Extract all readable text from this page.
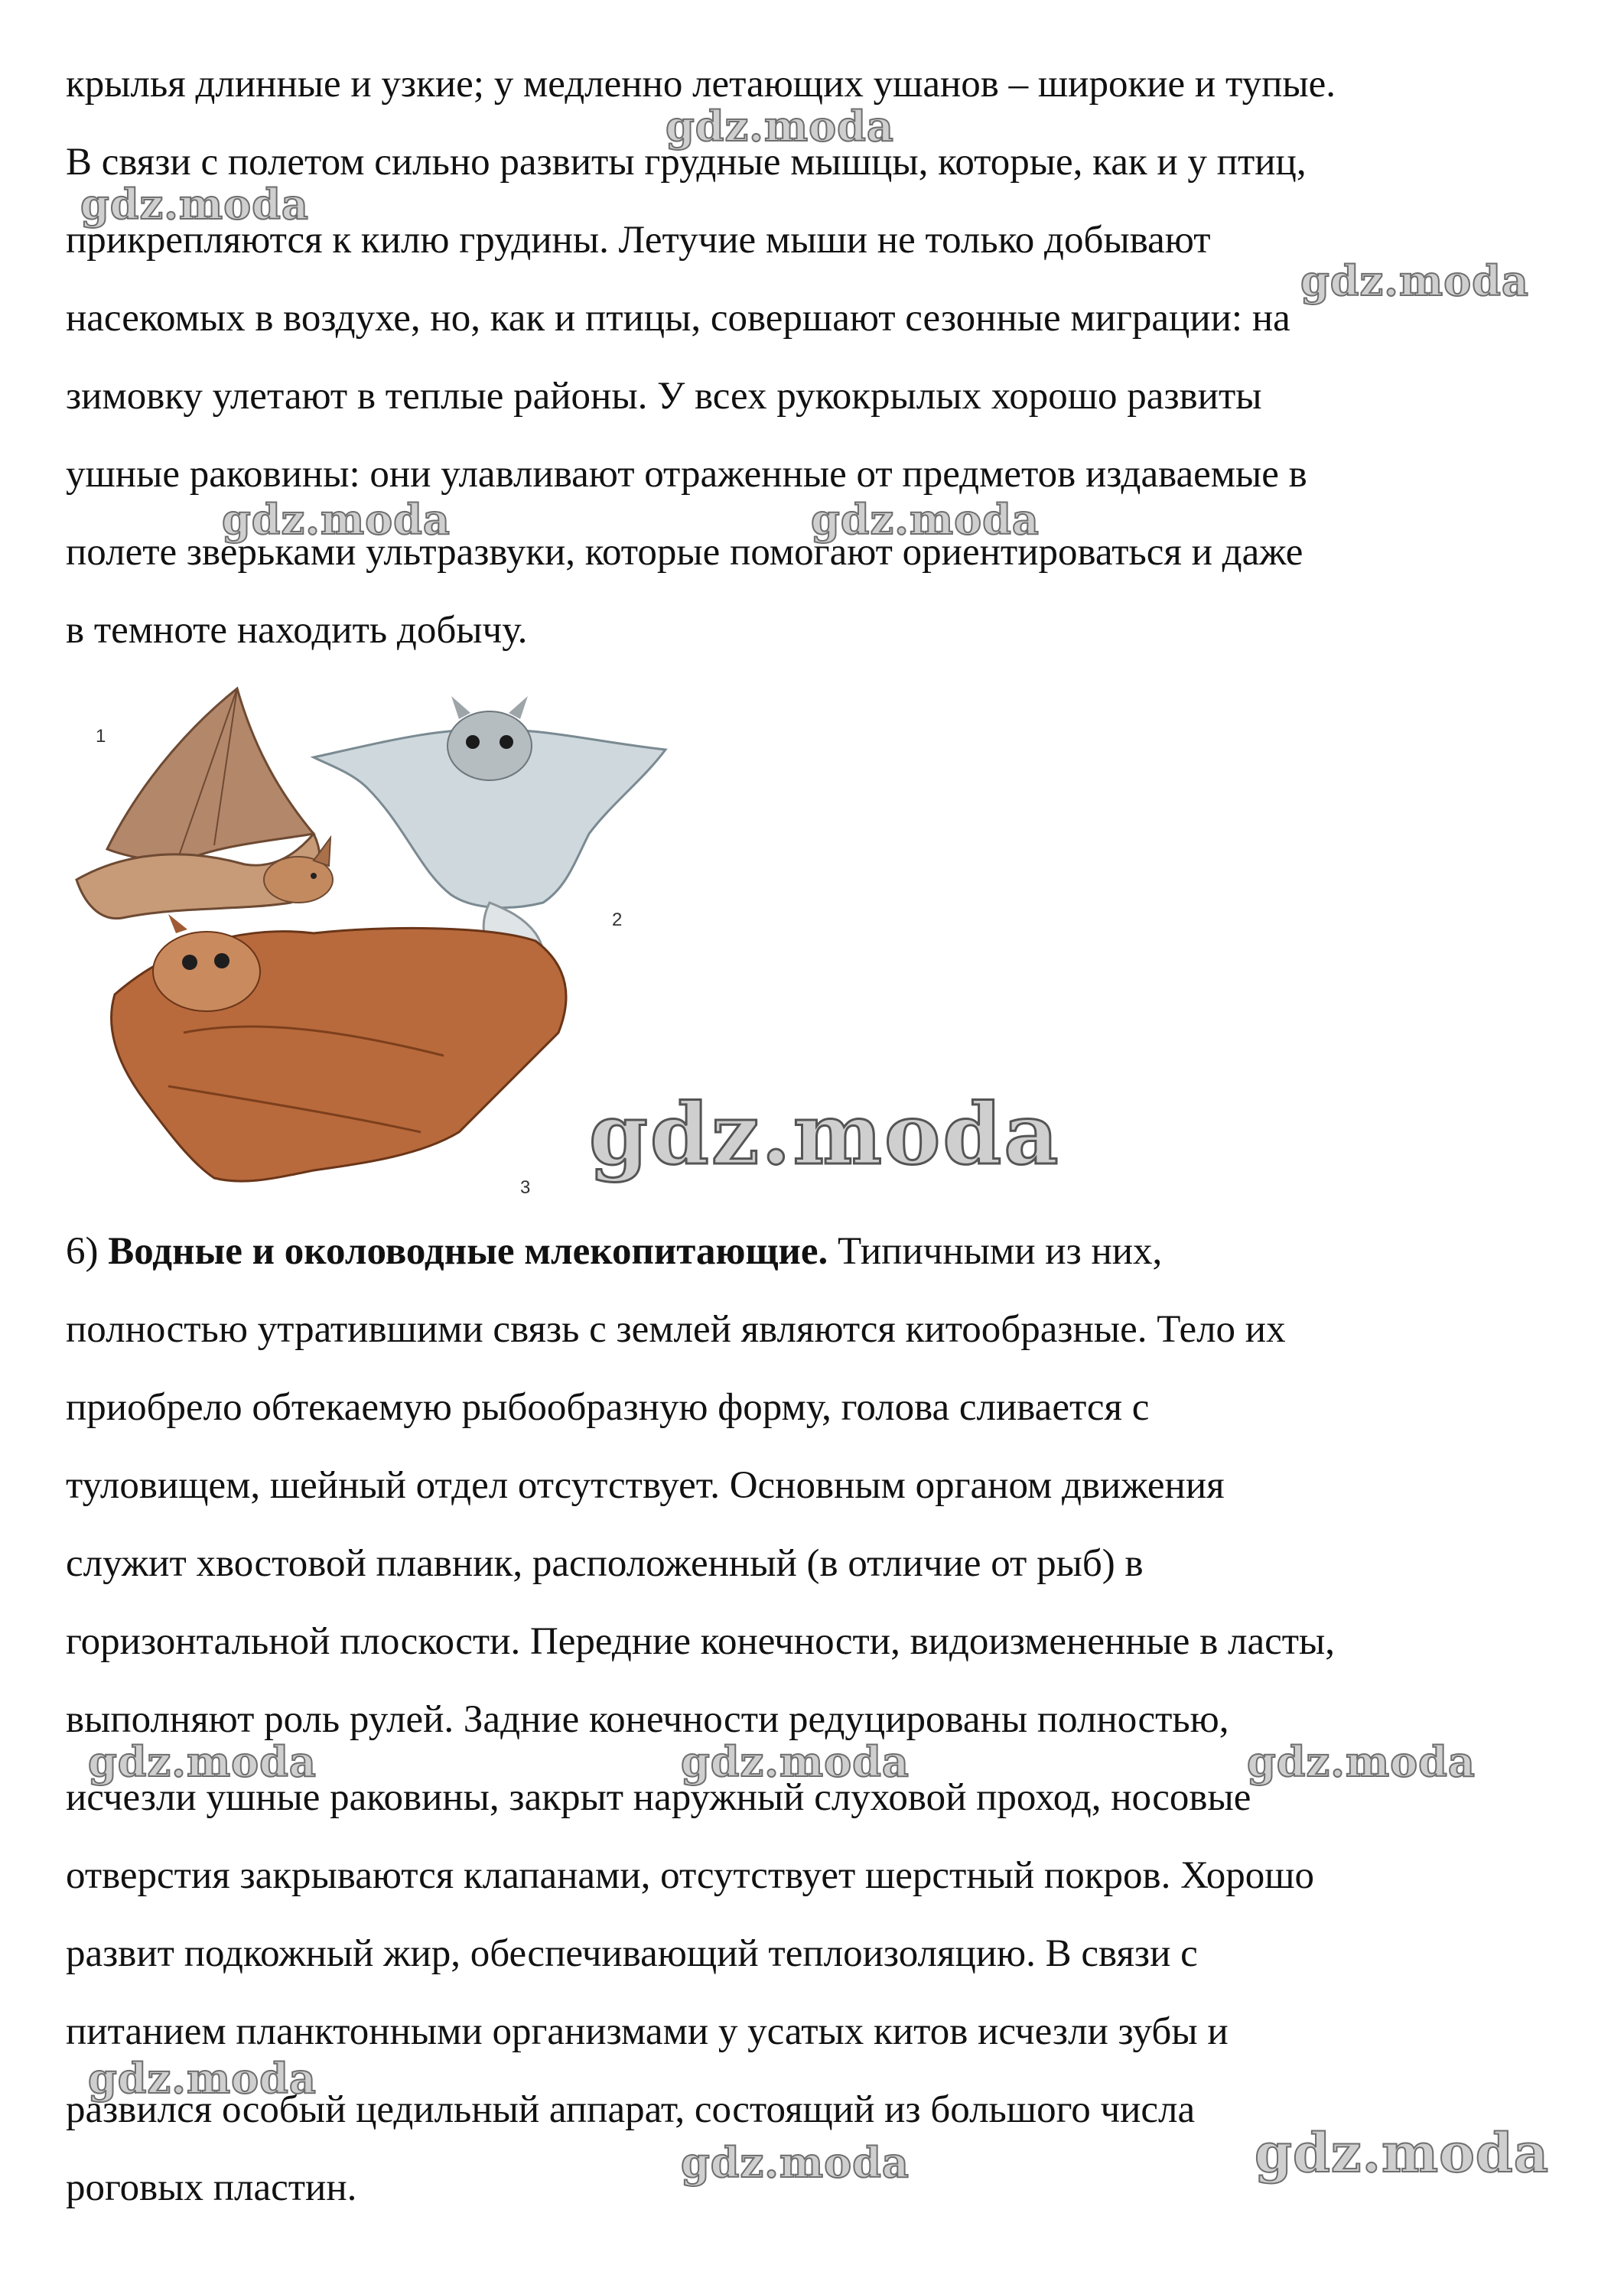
крылья длинные и узкие; у медленно летающих ушанов – широкие и тупые.
В связи с полетом сильно развиты грудные мышцы, которые, как и у птиц,
прикрепляются к килю грудины. Летучие мыши не только добывают
насекомых в воздухе, но, как и птицы, совершают сезонные миграции: на
зимовку улетают в теплые районы. У всех рукокрылых хорошо развиты
ушные раковины: они улавливают отраженные от предметов издаваемые в
полете зверьками ультразвуки, которые помогают ориентироваться и даже
в темноте находить добычу.
1
2
3
6) Водные и околоводные млекопитающие. Типичными из них,
полностью утратившими связь с землей являются китообразные. Тело их
приобрело обтекаемую рыбообразную форму, голова сливается с
туловищем, шейный отдел отсутствует. Основным органом движения
служит хвостовой плавник, расположенный (в отличие от рыб) в
горизонтальной плоскости. Передние конечности, видоизмененные в ласты,
выполняют роль рулей. Задние конечности редуцированы полностью,
исчезли ушные раковины, закрыт наружный слуховой проход, носовые
отверстия закрываются клапанами, отсутствует шерстный покров. Хорошо
развит подкожный жир, обеспечивающий теплоизоляцию. В связи с
питанием планктонными организмами у усатых китов исчезли зубы и
развился особый цедильный аппарат, состоящий из большого числа
роговых пластин.
gdz.moda
gdz.moda
gdz.moda
gdz.moda	gdz.moda
gdz.moda
gdz.moda	gdz.moda	gdz.moda
gdz.moda
gdz.moda	gdz.moda
